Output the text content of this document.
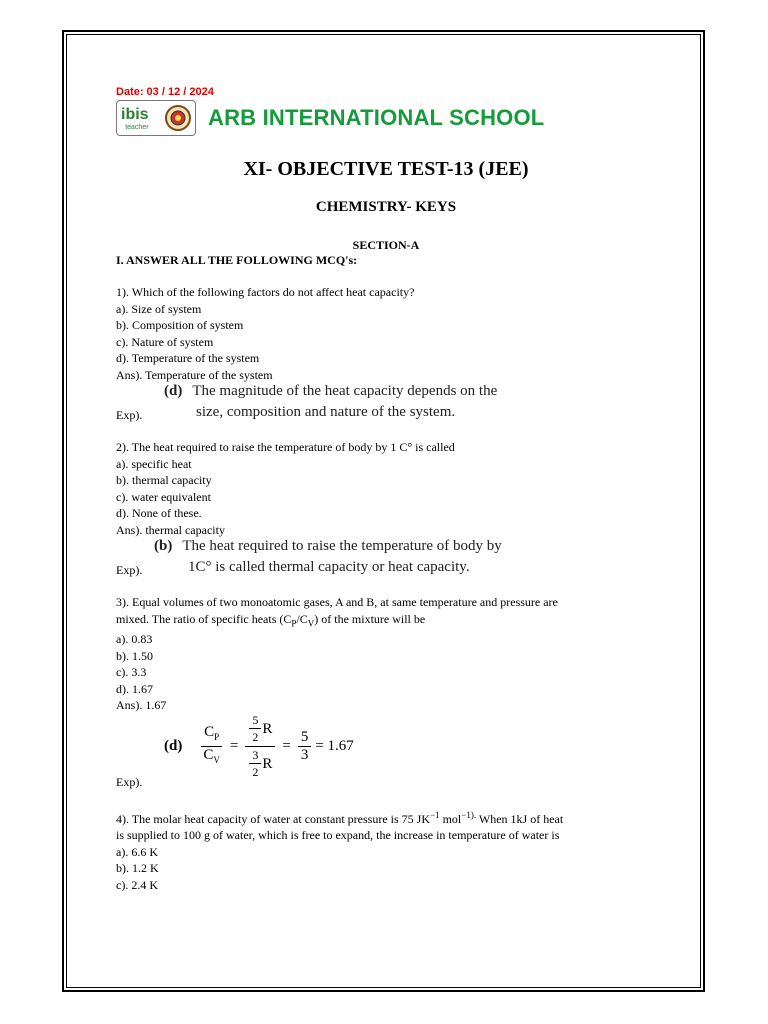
Date: 03 / 12 / 2024
ibis
teacher	ARB INTERNATIONAL SCHOOL
XI- OBJECTIVE TEST-13 (JEE)
CHEMISTRY- KEYS
SECTION-A
I. ANSWER ALL THE FOLLOWING MCQ's:

1). Which of the following factors do not affect heat capacity?

a). Size of system

b). Composition of system

c). Nature of system

d). Temperature of the system

Ans). Temperature of the system

Exp).
(d) The magnitude of the heat capacity depends on the
size, composition and nature of the system.

2). The heat required to raise the temperature of body by 1 C° is called

a). specific heat

b). thermal capacity

c). water equivalent

d). None of these.

Ans). thermal capacity

Exp).
(b) The heat required to raise the temperature of body by
1C° is called thermal capacity or heat capacity.

3). Equal volumes of two monoatomic gases, A and B, at same temperature and pressure are

mixed. The ratio of specific heats $(C_P/C_V)$ of the mixture will be

a). 0.83

b). 1.50

c). 3.3

d). 1.67

Ans). 1.67

Exp).
$(d) \frac{C_P}{C_V} = \frac{\frac{5}{2} R}{\frac{3}{2} R} = \frac{5}{3} = 1.67$

4). The molar heat capacity of water at constant pressure is 75 $JK^{-1}$ mol$^{-1).}$ When 1kJ of heat

is supplied to 100 g of water, which is free to expand, the increase in temperature of water is

a). 6.6 K

b). 1.2 K

c). 2.4 K
